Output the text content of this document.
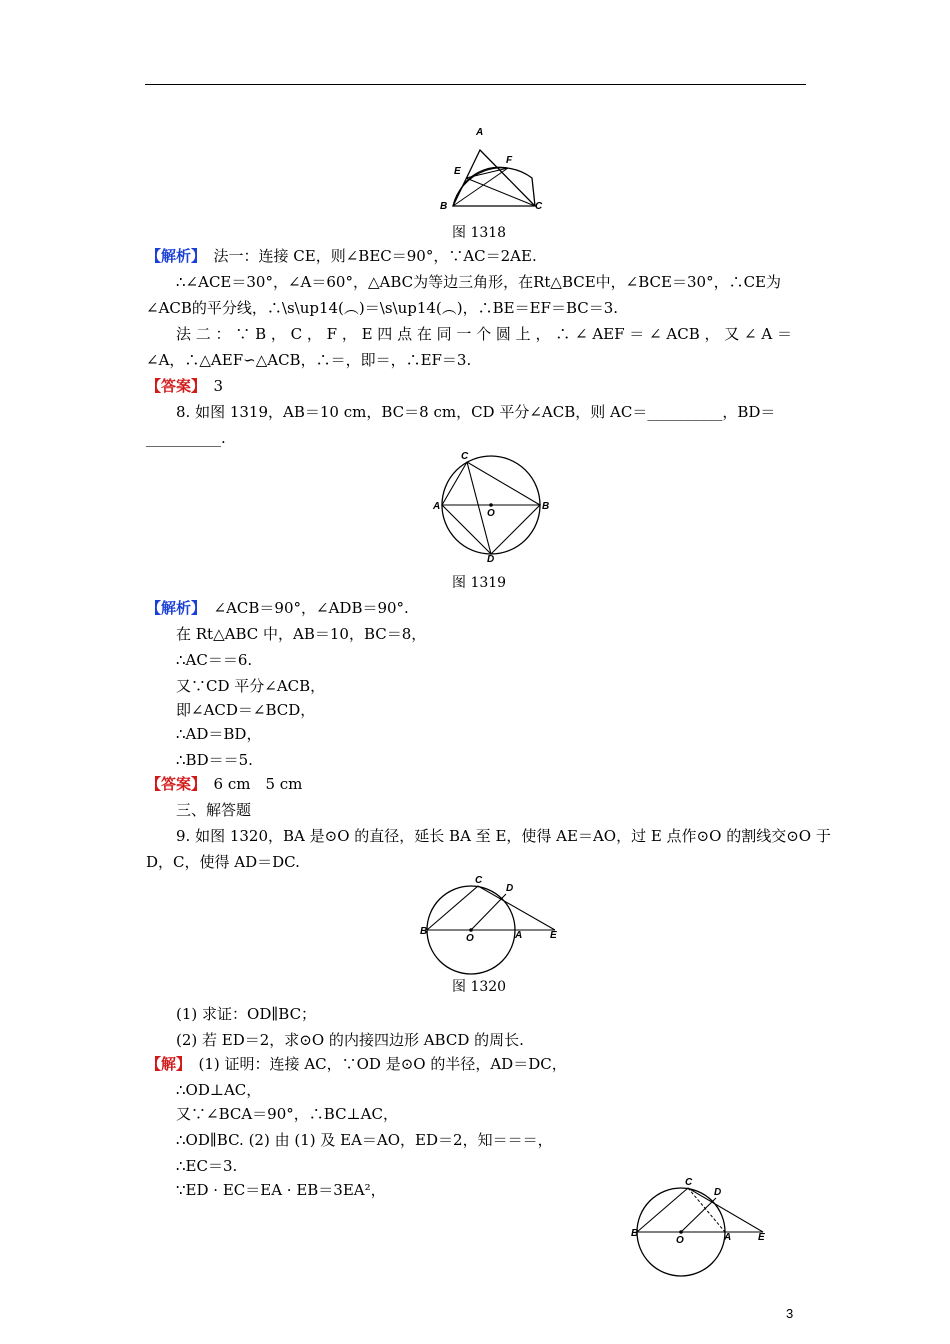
A
E
F
B	C
图 1318
【解析】　 法一：连接 CE，则∠BEC＝90°，∵AC＝2AE.
∴∠ACE＝30°，∠A＝60°，△ABC为等边三角形，在Rt△BCE中，∠BCE＝30°，∴CE为
∠ACB的平分线，∴\s\up14(︵)＝\s\up14(︵)，∴BE＝EF＝BC＝3.
法 二 ： ∵ B ， C ， F ， E 四 点 在 同 一 个 圆 上 ， ∴ ∠ AEF ＝ ∠ ACB ， 又 ∠ A ＝
∠A，∴△AEF∽△ACB，∴＝，即＝，∴EF＝3.
【答案】　 3
8. 如图 1319，AB＝10 cm，BC＝8 cm，CD 平分∠ACB，则 AC＝__________，BD＝
__________.
C
A
O
B
D
图 1319
【解析】　 ∠ACB＝90°，∠ADB＝90°.
在 Rt△ABC 中，AB＝10，BC＝8，
∴AC＝＝6.
又∵CD 平分∠ACB，
即∠ACD＝∠BCD，
∴AD＝BD，
∴BD＝＝5.
【答案】　 6 cm　5 cm
三、解答题
9. 如图 1320，BA 是⊙O 的直径，延长 BA 至 E，使得 AE＝AO，过 E 点作⊙O 的割线交⊙O 于
D，C，使得 AD＝DC.
C
D
B
O	A	E
图 1320
(1) 求证：OD∥BC；
(2) 若 ED＝2，求⊙O 的内接四边形 ABCD 的周长.
【解】　 (1) 证明：连接 AC，∵OD 是⊙O 的半径，AD＝DC，
∴OD⊥AC，
又∵∠BCA＝90°，∴BC⊥AC，
∴OD∥BC. (2) 由 (1) 及 EA＝AO，ED＝2，知＝＝＝，
∴EC＝3.
∵ED · EC＝EA · EB＝3EA²，	C
D
B
O	A	E
3
